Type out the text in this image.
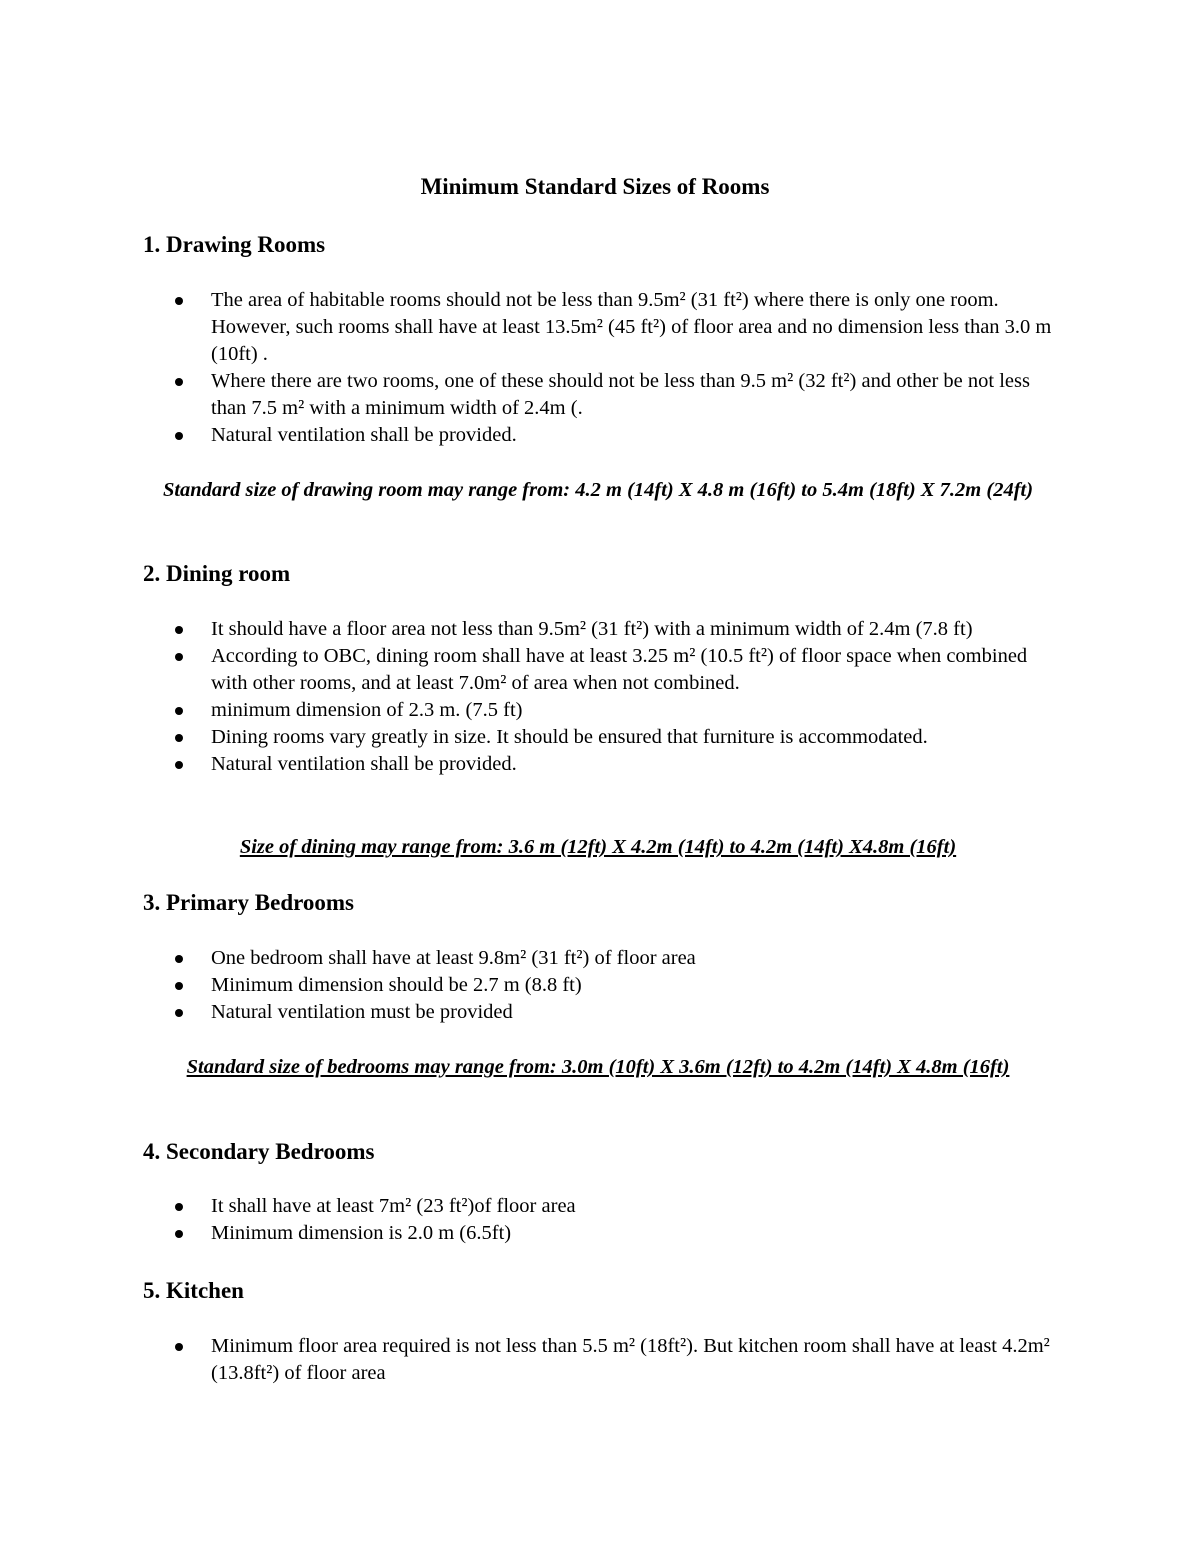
Minimum Standard Sizes of Rooms
1. Drawing Rooms
The area of habitable rooms should not be less than 9.5m² (31 ft²) where there is only one room. However, such rooms shall have at least 13.5m² (45 ft²) of floor area and no dimension less than 3.0 m (10ft) .
Where there are two rooms, one of these should not be less than 9.5 m² (32 ft²) and other be not less than 7.5 m² with a minimum width of 2.4m (.
Natural ventilation shall be provided.

Standard size of drawing room may range from: 4.2 m (14ft) X 4.8 m (16ft) to 5.4m (18ft) X 7.2m (24ft)

2. Dining room
It should have a floor area not less than 9.5m² (31 ft²) with a minimum width of 2.4m (7.8 ft)
According to OBC, dining room shall have at least 3.25 m² (10.5 ft²) of floor space when combined with other rooms, and at least 7.0m² of area when not combined.
minimum dimension of 2.3 m. (7.5 ft)
Dining rooms vary greatly in size. It should be ensured that furniture is accommodated.
Natural ventilation shall be provided.

Size of dining may range from: 3.6 m (12ft) X 4.2m (14ft) to 4.2m (14ft) X4.8m (16ft)

3. Primary Bedrooms
One bedroom shall have at least 9.8m² (31 ft²) of floor area
Minimum dimension should be 2.7 m (8.8 ft)
Natural ventilation must be provided

Standard size of bedrooms may range from: 3.0m (10ft) X 3.6m (12ft) to 4.2m (14ft) X 4.8m (16ft)

4. Secondary Bedrooms
It shall have at least 7m² (23 ft²)of floor area
Minimum dimension is 2.0 m (6.5ft)
5. Kitchen
Minimum floor area required is not less than 5.5 m² (18ft²). But kitchen room shall have at least 4.2m² (13.8ft²) of floor area
